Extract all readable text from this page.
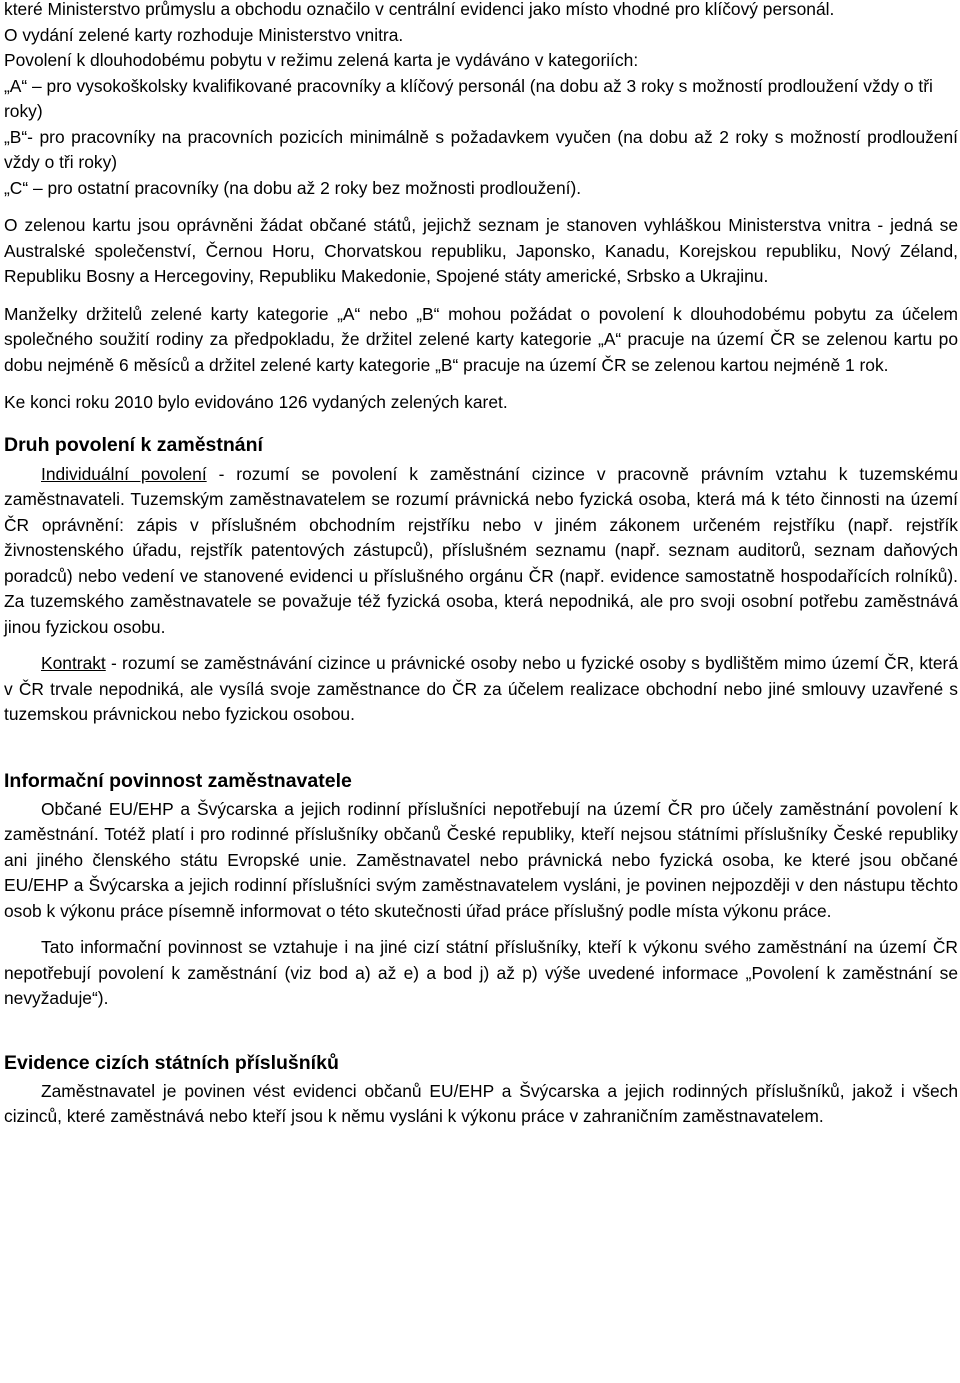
které Ministerstvo průmyslu a obchodu označilo v centrální evidenci jako místo vhodné pro klíčový personál.

O vydání zelené karty rozhoduje Ministerstvo vnitra.

Povolení k dlouhodobému pobytu v režimu zelená karta je vydáváno v kategoriích:

„A“ – pro vysokoškolsky kvalifikované pracovníky a klíčový personál (na dobu až 3 roky s možností prodloužení vždy o tři roky)

„B“- pro pracovníky na pracovních pozicích minimálně s požadavkem vyučen (na dobu až 2 roky s možností prodloužení vždy o tři roky)

„C“ – pro ostatní pracovníky (na dobu až 2 roky bez možnosti prodloužení).

O zelenou kartu jsou oprávněni žádat občané států, jejichž seznam je stanoven vyhláškou Ministerstva vnitra - jedná se Australské společenství, Černou Horu, Chorvatskou republiku, Japonsko, Kanadu, Korejskou republiku, Nový Zéland, Republiku Bosny a Hercegoviny, Republiku Makedonie, Spojené státy americké, Srbsko a Ukrajinu.

Manželky držitelů zelené karty kategorie „A“ nebo „B“ mohou požádat o povolení k dlouhodobému pobytu za účelem společného soužití rodiny za předpokladu, že držitel zelené karty kategorie „A“ pracuje na území ČR se zelenou kartu po dobu nejméně 6 měsíců a držitel zelené karty kategorie „B“ pracuje na území ČR se zelenou kartou nejméně 1 rok.

Ke konci roku 2010 bylo evidováno 126 vydaných zelených karet.

Druh povolení k zaměstnání

Individuální povolení - rozumí se povolení k zaměstnání cizince v pracovně právním vztahu k tuzemskému zaměstnavateli. Tuzemským zaměstnavatelem se rozumí právnická nebo fyzická osoba, která má k této činnosti na území ČR oprávnění: zápis v příslušném obchodním rejstříku nebo v jiném zákonem určeném rejstříku (např. rejstřík živnostenského úřadu, rejstřík patentových zástupců), příslušném seznamu (např. seznam auditorů, seznam daňových poradců) nebo vedení ve stanovené evidenci u příslušného orgánu ČR (např. evidence samostatně hospodařících rolníků). Za tuzemského zaměstnavatele se považuje též fyzická osoba, která nepodniká, ale pro svoji osobní potřebu zaměstnává jinou fyzickou osobu.

Kontrakt - rozumí se zaměstnávání cizince u právnické osoby nebo u fyzické osoby s bydlištěm mimo území ČR, která v ČR trvale nepodniká, ale vysílá svoje zaměstnance do ČR za účelem realizace obchodní nebo jiné smlouvy uzavřené s tuzemskou právnickou nebo fyzickou osobou.

Informační povinnost zaměstnavatele

Občané EU/EHP a Švýcarska a jejich rodinní příslušníci nepotřebují na území ČR pro účely zaměstnání povolení k zaměstnání. Totéž platí i pro rodinné příslušníky občanů České republiky, kteří nejsou státními příslušníky České republiky ani jiného členského státu Evropské unie. Zaměstnavatel nebo právnická nebo fyzická osoba, ke které jsou občané EU/EHP a Švýcarska a jejich rodinní příslušníci svým zaměstnavatelem vysláni, je povinen nejpozději v den nástupu těchto osob k výkonu práce písemně informovat o této skutečnosti úřad práce příslušný podle místa výkonu práce.

Tato informační povinnost se vztahuje i na jiné cizí státní příslušníky, kteří k výkonu svého zaměstnání na území ČR nepotřebují povolení k zaměstnání (viz bod a) až e) a bod j) až p) výše uvedené informace „Povolení k zaměstnání se nevyžaduje“).

Evidence cizích státních příslušníků

Zaměstnavatel je povinen vést evidenci občanů EU/EHP a Švýcarska a jejich rodinných příslušníků, jakož i všech cizinců, které zaměstnává nebo kteří jsou k němu vysláni k výkonu práce v zahraničním zaměstnavatelem.
